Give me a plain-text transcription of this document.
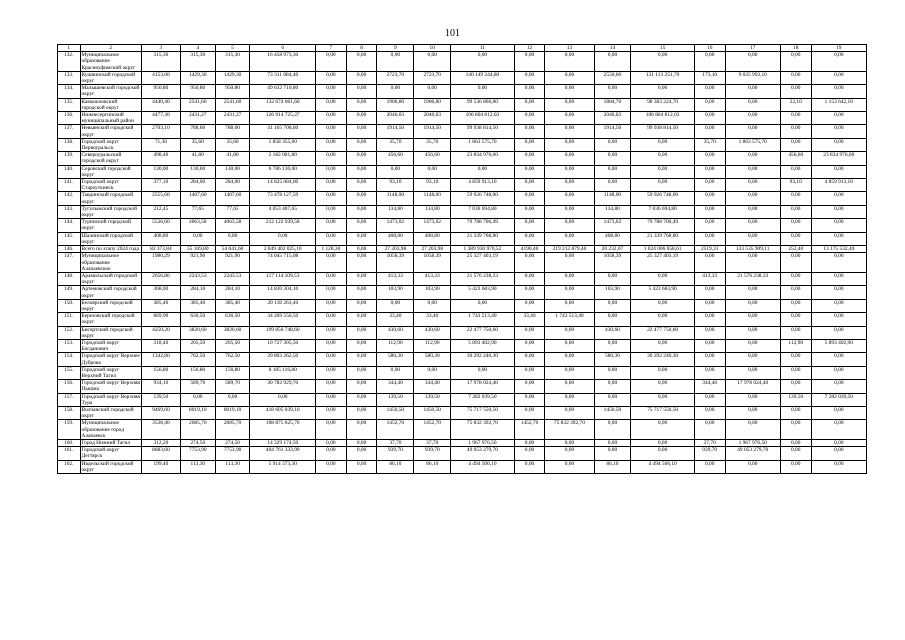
101
1	2	3	4	5	6	7	8	9	10	11	12	13	14	15	16	17	18	19
132.	Муниципальное образование Красноуфимский округ	315,30	315,30	315,30	16 458 973,30	0,00	0,00	0,00	0,00	0,00	0,00	0,00	0,00	0,00	0,00	0,00	0,00	0,00
133.	Кушвинский городской округ	4153,00	1429,30	1429,30	73 311 084,40	0,00	0,00	2723,70	2723,70	140 149 244,80	0,00	0,00	2550,60	131 113 251,70	173,10	9 035 993,10	0,00	0,00
134.	Малышевский городской округ	950,80	950,80	950,80	49 632 710,80	0,00	0,00	0,00	0,00	0,00	0,00	0,00	0,00	0,00	0,00	0,00	0,00	0,00
135.	Камышловский городской округ	4440,40	2541,60	2541,60	132 674 061,60	0,00	0,00	1906,80	1906,80	99 536 866,80	0,00	0,00	1884,70	98 383 224,70	0,00	0,00	22,10	1 153 642,10
136.	Нижнесергинский муниципальный район	4477,30	2431,27	2431,27	126 914 725,27	0,00	0,00	2046,03	2046,03	106 804 812,03	0,00	0,00	2046,03	106 804 812,03	0,00	0,00	0,00	0,00
137.	Невьянский городской округ	2703,10	788,60	788,60	41 165 708,60	0,00	0,00	1914,50	1914,50	99 938 814,50	0,00	0,00	1914,50	99 938 814,50	0,00	0,00	0,00	0,00
138.	Городской округ Первоуральск	71,30	35,60	35,60	1 858 355,60	0,00	0,00	35,70	35,70	1 863 575,70	0,00	0,00	0,00	0,00	35,70	1 863 575,70	0,00	0,00
139.	Североуральский городской округ	498,40	41,80	41,80	2 182 001,80	0,00	0,00	456,60	456,60	23 834 976,60	0,00	0,00	0,00	0,00	0,00	0,00	456,60	23 834 976,60
140.	Серовский городской округ	130,00	130,00	130,00	6 786 130,00	0,00	0,00	0,00	0,00	0,00	0,00	0,00	0,00	0,00	0,00	0,00	0,00	0,00
141.	Городской округ Староуткинск	377,10	284,00	284,00	14 825 084,00	0,00	0,00	93,10	93,10	4 859 913,10	0,00	0,00	0,00	0,00	0,00	0,00	93,10	4 859 913,10
142.	Тавдинский городской округ	2555,60	1407,60	1407,60	73 478 127,59	0,00	0,00	1148,00	1148,00	59 926 748,00	0,00	0,00	1148,00	59 926 748,00	0,00	0,00	0,00	0,00
143.	Тугулымский городской округ	212,45	77,65	77,65	4 053 407,65	0,00	0,00	134,80	134,80	7 036 694,80	0,00	0,00	134,80	7 036 694,80	0,00	0,00	0,00	0,00
144.	Туринский городской округ	5536,60	4063,58	4063,58	212 122 939,58	0,00	0,00	1473,02	1473,02	79 788 706,49	0,00	0,00	1473,02	79 788 706,49	0,00	0,00	0,00	0,00
145.	Шалинский городской округ	408,80	0,00	0,00	0,00	0,00	0,00	408,80	408,80	21 339 768,80	0,00	0,00	408,80	21 339 768,80	0,00	0,00	0,00	0,00
146.	Всего по этапу 2024 года	82 373,84	55 169,80	54 041,60	2 849 402 025,10	1 128,30	0,00	27 203,98	27 203,98	1 389 930 970,52	4190,40	219 212 879,40	20 232,07	1 024 006 658,61	2519,31	133 535 909,11	252,40	13 175 532,40
147.	Муниципальное образование Алапаевское	1980,29	921,90	921,90	74 045 715,08	0,00	0,00	1058,39	1058,39	25 327 403,19	0,00	0,00	1058,39	25 327 403,19	0,00	0,00	0,00	0,00
148.	Арамильский городской округ	2656,86	2243,53	2243,53	117 114 509,53	0,00	0,00	413,33	413,33	21 576 238,33	0,00	0,00	0,00	0,00	413,33	21 576 238,33	0,00	0,00
149.	Артемовский городской округ	368,00	284,10	284,10	14 830 304,10	0,00	0,00	103,90	103,90	5 423 683,90	0,00	0,00	103,90	5 423 683,90	0,00	0,00	0,00	0,00
150.	Белоярский городской округ	385,40	385,40	385,40	20 118 263,40	0,00	0,00	0,00	0,00	0,00	0,00	0,00	0,00	0,00	0,00	0,00	0,00	0,00
151.	Березовский городской округ	669,90	636,50	636,50	34 269 556,50	0,00	0,00	33,40	33,40	1 743 513,40	33,40	1 743 513,40	0,00	0,00	0,00	0,00	0,00	0,00
152.	Бисертский городской округ	4250,20	3820,60	3820,60	199 856 748,60	0,00	0,00	430,60	430,60	22 477 750,60	0,00	0,00	430,60	22 477 750,60	0,00	0,00	0,00	0,00
153.	Городской округ Богданович	318,40	205,50	205,50	10 727 305,50	0,00	0,00	112,90	112,90	5 893 402,90	0,00	0,00	0,00	0,00	0,00	0,00	112,90	5 893 402,90
154.	Городской округ Верхнее Дуброво	1342,80	762,50	762,50	39 803 262,50	0,00	0,00	580,30	580,30	30 292 240,30	0,00	0,00	580,30	30 292 240,30	0,00	0,00	0,00	0,00
155.	Городской округ Верхний Тагил	156,80	156,80	156,80	8 185 116,80	0,00	0,00	0,00	0,00	0,00	0,00	0,00	0,00	0,00	0,00	0,00	0,00	0,00
156.	Городской округ Верхняя Пышма	934,10	589,70	589,70	30 782 929,70	0,00	0,00	344,40	344,40	17 978 024,40	0,00	0,00	0,00	0,00	344,40	17 978 024,40	0,00	0,00
157.	Городской округ Верхняя Тура	139,50	0,00	0,00	0,00	0,00	0,00	139,50	139,50	7 282 039,50	0,00	0,00	0,00	0,00	0,00	0,00	139,50	7 282 039,50
158.	Волчанский городской округ	9469,60	8019,10	8019,10	418 605 039,10	0,00	0,00	1450,50	1450,50	75 717 550,50	0,00	0,00	1450,50	75 717 550,50	0,00	0,00	0,00	0,00
159.	Муниципальное образование город Алапаевск	3538,40	2085,70	2085,70	108 875 625,70	0,00	0,00	1452,70	1452,70	75 832 392,70	1452,70	75 832 392,70	0,00	0,00	0,00	0,00	0,00	0,00
160.	Город Нижний Тагил	312,20	274,50	274,50	14 329 174,50	0,00	0,00	37,70	37,70	1 967 976,50	0,00	0,00	0,00	0,00	37,70	1 967 976,50	0,00	0,00
161.	Городской округ Дегтярск	8683,60	7753,90	7753,90	404 761 333,90	0,00	0,00	939,70	939,70	49 053 279,70	0,00	0,00	0,00	0,00	939,70	49 053 279,70	0,00	0,00
162.	Ивдельский городской округ	199,40	113,30	113,30	5 914 373,30	0,00	0,00	86,10	86,10	4 494 506,10	0,00	0,00	86,10	4 494 506,10	0,00	0,00	0,00	0,00
